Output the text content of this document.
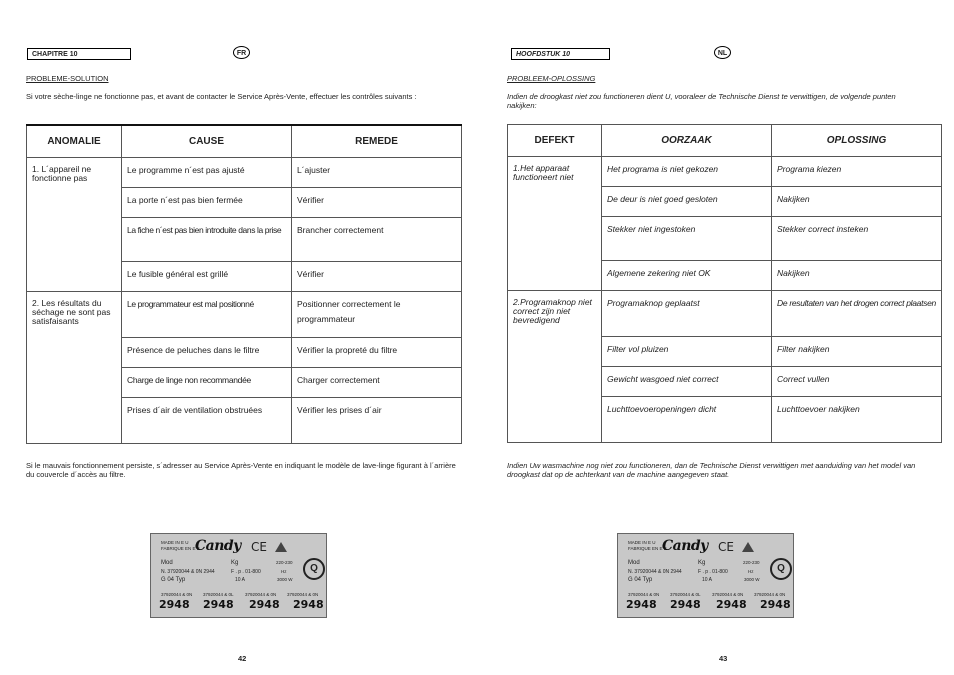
CHAPITRE 10	FR
PROBLEME-SOLUTION
Si votre sèche-linge ne fonctionne pas, et avant de contacter le Service Après-Vente, effectuer les contrôles suivants :
ANOMALIE	CAUSE	REMEDE
1. L´appareil ne fonctionne pas	Le programme n´est pas ajusté	L´ajuster
	La porte n´est pas bien fermée	Vérifier
	La fiche n´est pas bien introduite dans la prise	Brancher correctement
	Le fusible général est grillé	Vérifier
2. Les résultats du séchage ne sont pas satisfaisants	Le programmateur est mal positionné	Positionner correctement le programmateur
	Présence de peluches dans le filtre	Vérifier la propreté du filtre
	Charge de linge non recommandée	Charger correctement
	Prises d´air de ventilation obstruées	Vérifier les prises d´air
Si le mauvais fonctionnement persiste, s´adresser au Service Après-Vente en indiquant le modèle de lave-linge figurant à l´arrière du couvercle d´accès au filtre.
MADE IN E U
FABRIQUE EN E E
Candy CE
Q
Mod	Kg	220-230
N. 37920044 & 0N 2944	F . p . 01-800	Hz
G 04 Typ	10 A	3000 W
37920044 & 0N 37920044 & 0L	37920044 & 0N 37920044 & 0N
2948 2948 2948 2948
42
HOOFDSTUK 10	NL
PROBLEEM-OPLOSSING
Indien de droogkast niet zou functioneren dient U, vooraleer de Technische Dienst te verwittigen, de volgende punten nakijken:
DEFEKT	OORZAAK	OPLOSSING
1.Het apparaat functioneert niet	Het programa is niet gekozen	Programa kiezen
	De deur is niet goed gesloten	Nakijken
	Stekker niet ingestoken	Stekker correct insteken
	Algemene zekering niet OK	Nakijken
2.Programaknop niet correct zijn niet bevredigend	Programaknop geplaatst	De resultaten van het drogen correct plaatsen
	Filter vol pluizen	Filter nakijken
	Gewicht wasgoed niet correct	Correct vullen
	Luchttoevoeropeningen dicht	Luchttoevoer nakijken
Indien Uw wasmachine nog niet zou functioneren, dan de Technische Dienst verwittigen met aanduiding van het model van droogkast dat op de achterkant van de machine aangegeven staat.
MADE IN E U
FABRIQUE EN E E
Candy CE
Q
Mod	Kg	220-230
N. 37920044 & 0N 2944	F . p . 01-800	Hz
G 04 Typ	10 A	3000 W
37920044 & 0N 37920044 & 0L	37920044 & 0N 37920044 & 0N
2948 2948 2948 2948
43
